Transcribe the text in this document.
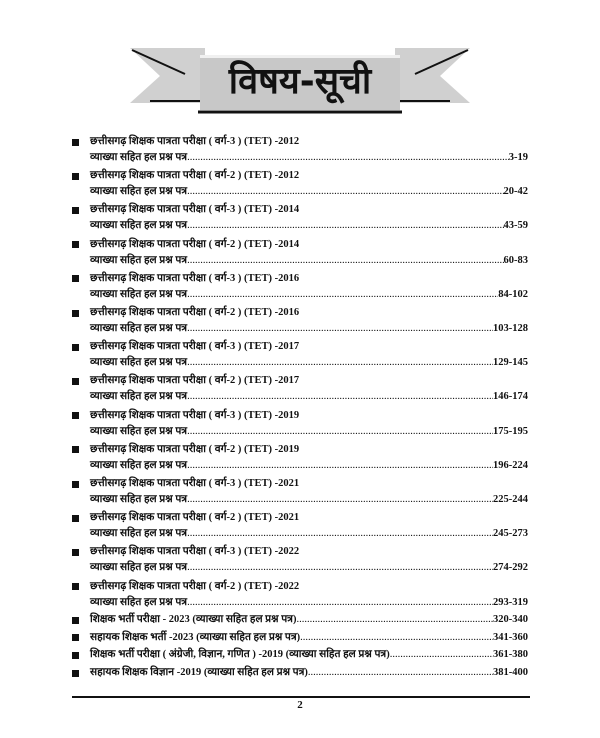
विषय-सूची
छत्तीसगढ़ शिक्षक पात्रता परीक्षा ( वर्ग-3 ) (TET) -2012
व्याख्या सहित हल प्रश्न पत्र .....	3-19
छत्तीसगढ़ शिक्षक पात्रता परीक्षा ( वर्ग-2 ) (TET) -2012
व्याख्या सहित हल प्रश्न पत्र .....	20-42
छत्तीसगढ़ शिक्षक पात्रता परीक्षा ( वर्ग-3 ) (TET) -2014
व्याख्या सहित हल प्रश्न पत्र .....	43-59
छत्तीसगढ़ शिक्षक पात्रता परीक्षा ( वर्ग-2 ) (TET) -2014
व्याख्या सहित हल प्रश्न पत्र .....	60-83
छत्तीसगढ़ शिक्षक पात्रता परीक्षा ( वर्ग-3 ) (TET) -2016
व्याख्या सहित हल प्रश्न पत्र .....	84-102
छत्तीसगढ़ शिक्षक पात्रता परीक्षा ( वर्ग-2 ) (TET) -2016
व्याख्या सहित हल प्रश्न पत्र .....	103-128
छत्तीसगढ़ शिक्षक पात्रता परीक्षा ( वर्ग-3 ) (TET) -2017
व्याख्या सहित हल प्रश्न पत्र .....	129-145
छत्तीसगढ़ शिक्षक पात्रता परीक्षा ( वर्ग-2 ) (TET) -2017
व्याख्या सहित हल प्रश्न पत्र .....	146-174
छत्तीसगढ़ शिक्षक पात्रता परीक्षा ( वर्ग-3 ) (TET) -2019
व्याख्या सहित हल प्रश्न पत्र .....	175-195
छत्तीसगढ़ शिक्षक पात्रता परीक्षा ( वर्ग-2 ) (TET) -2019
व्याख्या सहित हल प्रश्न पत्र .....	196-224
छत्तीसगढ़ शिक्षक पात्रता परीक्षा ( वर्ग-3 ) (TET) -2021
व्याख्या सहित हल प्रश्न पत्र .....	225-244
छत्तीसगढ़ शिक्षक पात्रता परीक्षा ( वर्ग-2 ) (TET) -2021
व्याख्या सहित हल प्रश्न पत्र .....	245-273
छत्तीसगढ़ शिक्षक पात्रता परीक्षा ( वर्ग-3 ) (TET) -2022
व्याख्या सहित हल प्रश्न पत्र .....	274-292
छत्तीसगढ़ शिक्षक पात्रता परीक्षा ( वर्ग-2 ) (TET) -2022
व्याख्या सहित हल प्रश्न पत्र .....	293-319
शिक्षक भर्ती परीक्षा - 2023 (व्याख्या सहित हल प्रश्न पत्र) .....	320-340
सहायक शिक्षक भर्ती -2023 (व्याख्या सहित हल प्रश्न पत्र) .....	341-360
शिक्षक भर्ती परीक्षा ( अंग्रेजी, विज्ञान, गणित ) -2019 (व्याख्या सहित हल प्रश्न पत्र) .....	361-380
सहायक शिक्षक विज्ञान -2019 (व्याख्या सहित हल प्रश्न पत्र) .....	381-400
2
